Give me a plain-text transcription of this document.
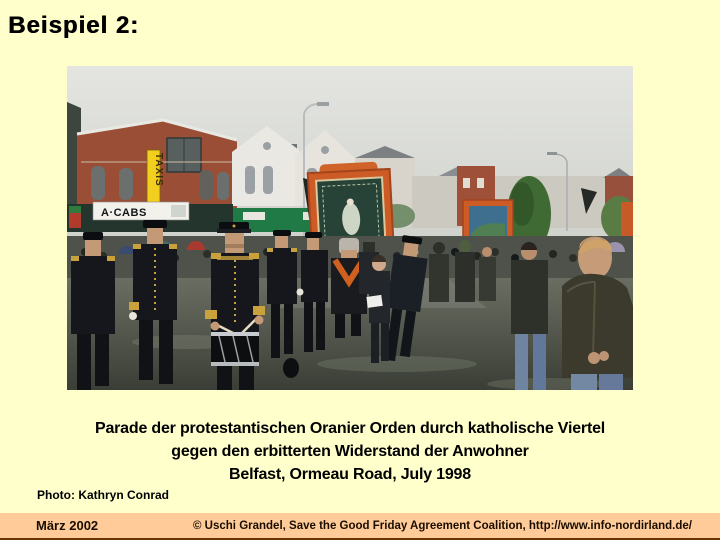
Beispiel 2:
TAXIS
A·CABS
Parade der protestantischen Oranier Orden durch katholische Viertel
gegen den erbitterten Widerstand der Anwohner
Belfast, Ormeau Road, July 1998
Photo: Kathryn Conrad
März 2002	© Uschi Grandel, Save the Good Friday Agreement Coalition, http://www.info-nordirland.de/
